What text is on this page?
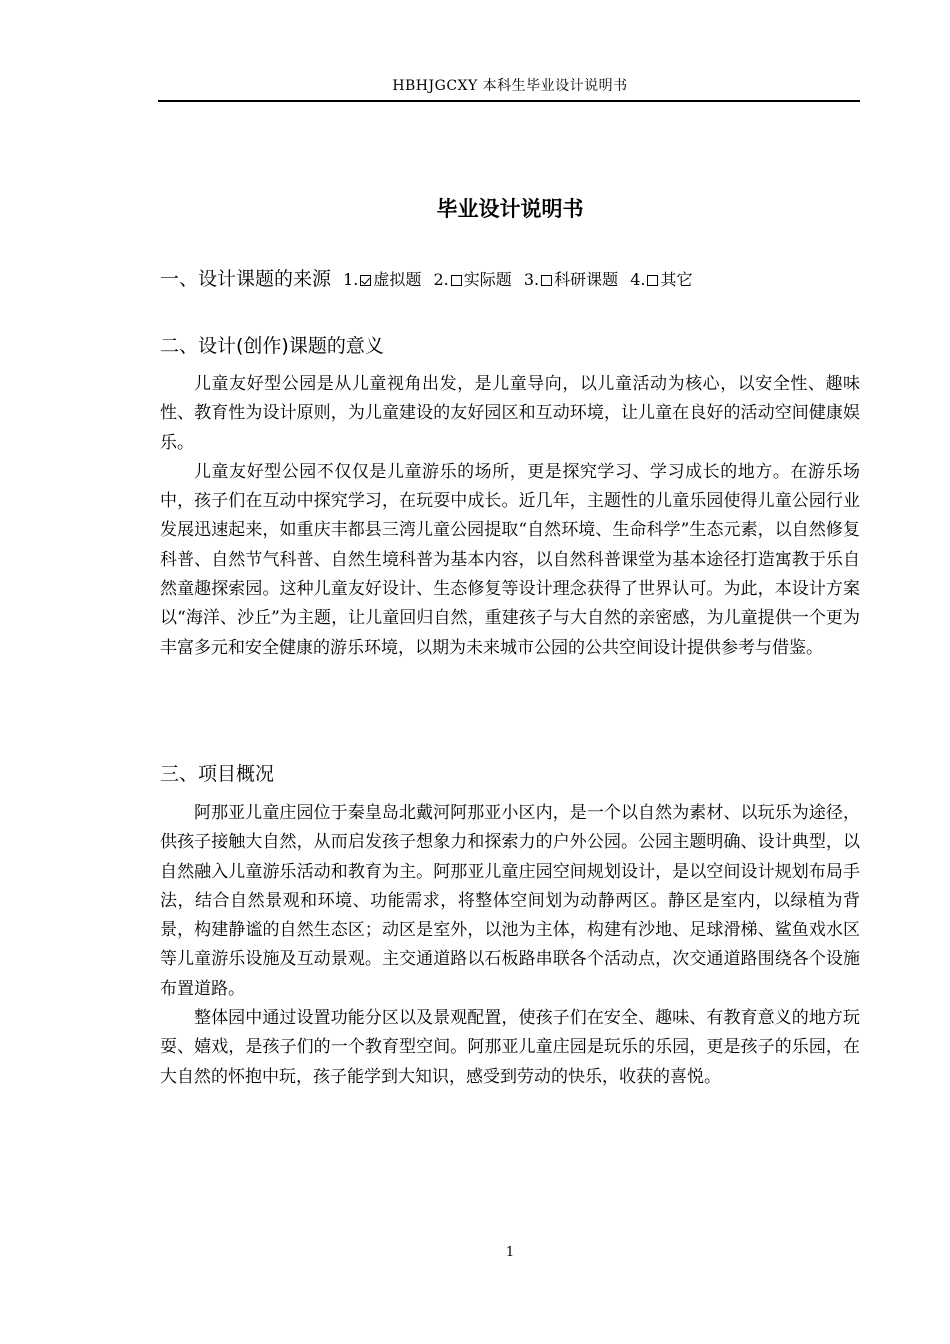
HBHJGCXY 本科生毕业设计说明书
毕业设计说明书
一、设计课题的来源 1. 虚拟题 2. 实际题 3. 科研课题 4. 其它
二、设计(创作)课题的意义

儿童友好型公园是从儿童视角出发，是儿童导向，以儿童活动为核心，以安全性、趣味性、教育性为设计原则，为儿童建设的友好园区和互动环境，让儿童在良好的活动空间健康娱乐。

儿童友好型公园不仅仅是儿童游乐的场所，更是探究学习、学习成长的地方。在游乐场中，孩子们在互动中探究学习，在玩耍中成长。近几年，主题性的儿童乐园使得儿童公园行业发展迅速起来，如重庆丰都县三湾儿童公园提取“自然环境、生命科学”生态元素，以自然修复科普、自然节气科普、自然生境科普为基本内容，以自然科普课堂为基本途径打造寓教于乐自然童趣探索园。这种儿童友好设计、生态修复等设计理念获得了世界认可。为此，本设计方案以“海洋、沙丘”为主题，让儿童回归自然，重建孩子与大自然的亲密感，为儿童提供一个更为丰富多元和安全健康的游乐环境，以期为未来城市公园的公共空间设计提供参考与借鉴。

三、项目概况

阿那亚儿童庄园位于秦皇岛北戴河阿那亚小区内，是一个以自然为素材、以玩乐为途径，供孩子接触大自然，从而启发孩子想象力和探索力的户外公园。公园主题明确、设计典型，以自然融入儿童游乐活动和教育为主。阿那亚儿童庄园空间规划设计，是以空间设计规划布局手法，结合自然景观和环境、功能需求，将整体空间划为动静两区。静区是室内，以绿植为背景，构建静谧的自然生态区；动区是室外，以池为主体，构建有沙地、足球滑梯、鲨鱼戏水区等儿童游乐设施及互动景观。主交通道路以石板路串联各个活动点，次交通道路围绕各个设施布置道路。

整体园中通过设置功能分区以及景观配置，使孩子们在安全、趣味、有教育意义的地方玩耍、嬉戏，是孩子们的一个教育型空间。阿那亚儿童庄园是玩乐的乐园，更是孩子的乐园，在大自然的怀抱中玩，孩子能学到大知识，感受到劳动的快乐，收获的喜悦。

1
